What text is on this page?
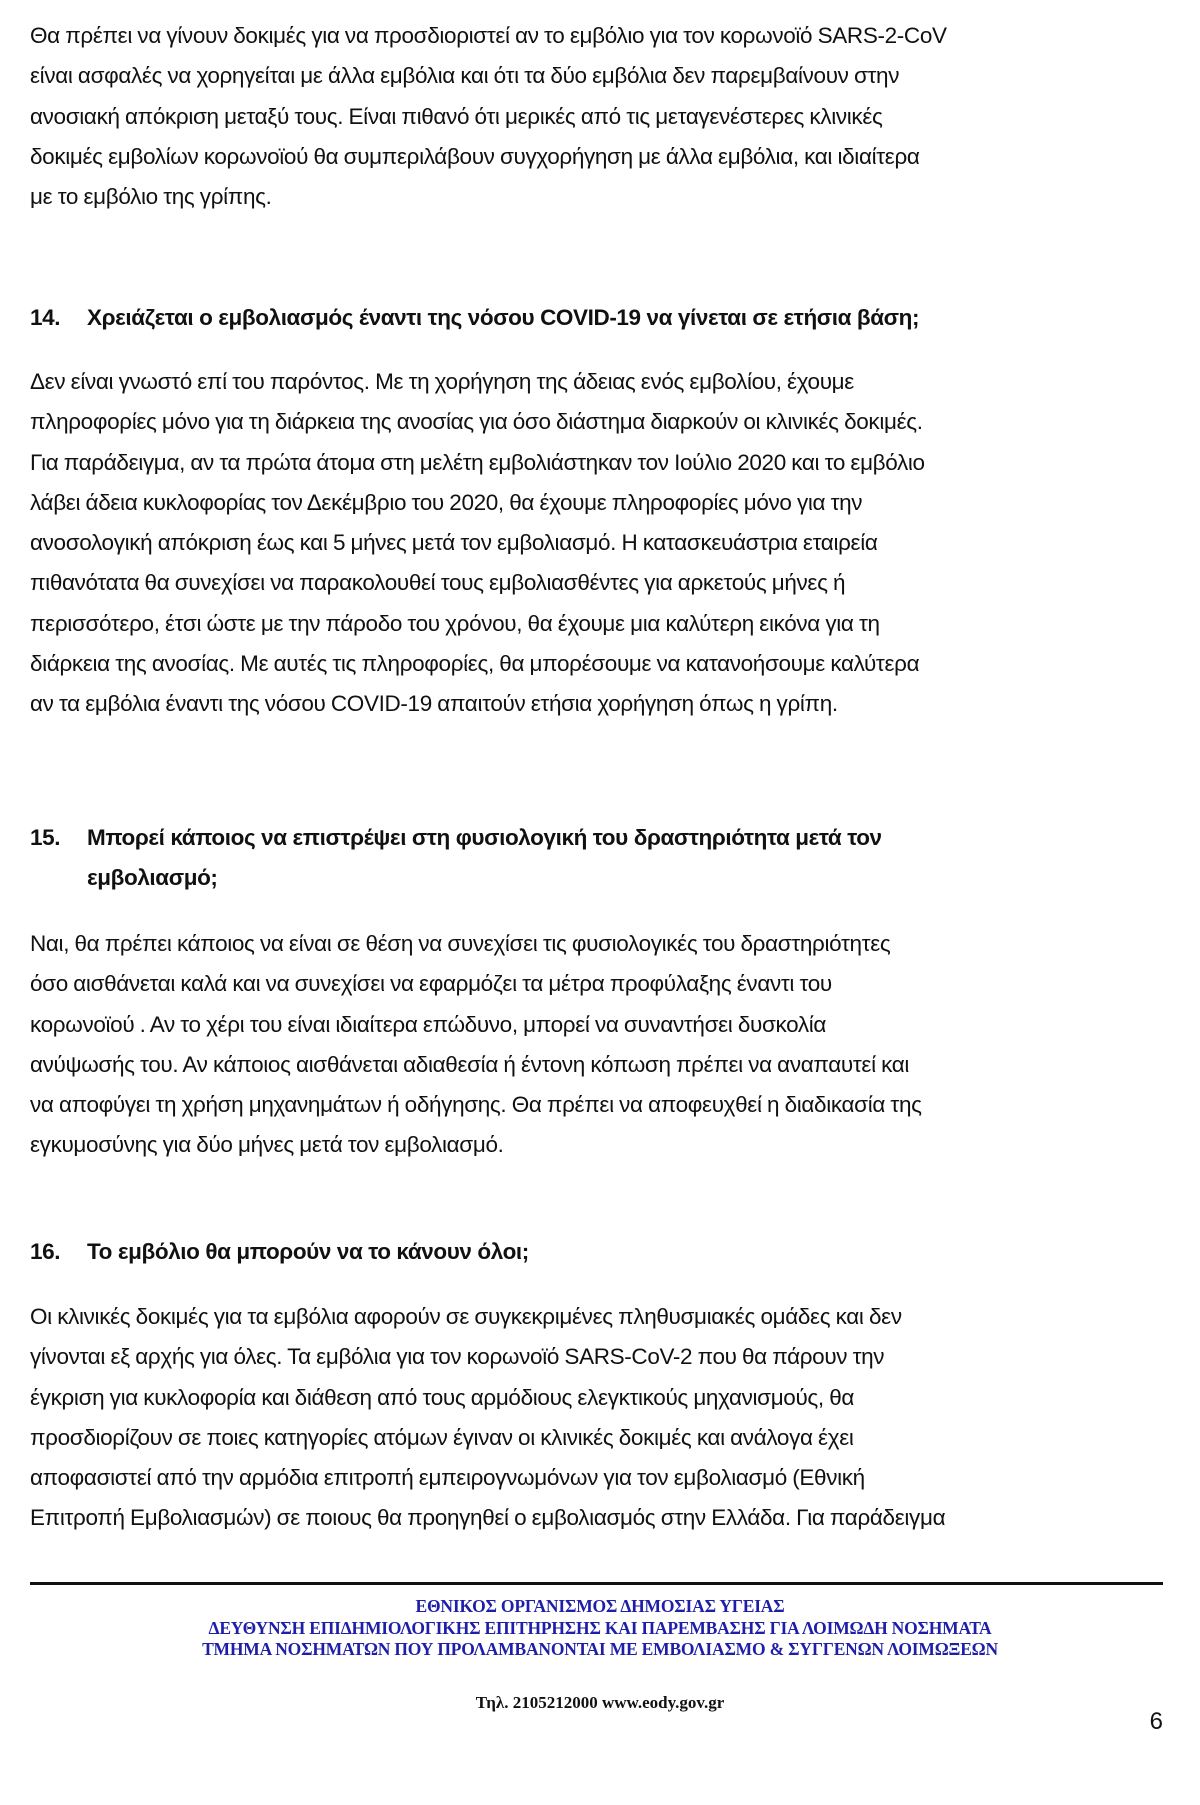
Θα πρέπει να γίνουν δοκιμές για να προσδιοριστεί αν το εμβόλιο για τον κορωνοϊό SARS-2-CoV
είναι ασφαλές να χορηγείται με άλλα εμβόλια και ότι τα δύο εμβόλια δεν παρεμβαίνουν στην
ανοσιακή απόκριση μεταξύ τους. Είναι πιθανό ότι μερικές από τις μεταγενέστερες κλινικές
δοκιμές εμβολίων κορωνοϊού θα συμπεριλάβουν συγχορήγηση με άλλα εμβόλια, και ιδιαίτερα
με το εμβόλιο της γρίπης.
14. Χρειάζεται ο εμβολιασμός έναντι της νόσου COVID-19 να γίνεται σε ετήσια βάση;
Δεν είναι γνωστό επί του παρόντος. Με τη χορήγηση της άδειας ενός εμβολίου, έχουμε
πληροφορίες μόνο για τη διάρκεια της ανοσίας για όσο διάστημα διαρκούν οι κλινικές δοκιμές.
Για παράδειγμα, αν τα πρώτα άτομα στη μελέτη εμβολιάστηκαν τον Ιούλιο 2020 και το εμβόλιο
λάβει άδεια κυκλοφορίας τον Δεκέμβριο του 2020, θα έχουμε πληροφορίες μόνο για την
ανοσολογική απόκριση έως και 5 μήνες μετά τον εμβολιασμό. Η κατασκευάστρια εταιρεία
πιθανότατα θα συνεχίσει να παρακολουθεί τους εμβολιασθέντες για αρκετούς μήνες ή
περισσότερο, έτσι ώστε με την πάροδο του χρόνου, θα έχουμε μια καλύτερη εικόνα για τη
διάρκεια της ανοσίας. Με αυτές τις πληροφορίες, θα μπορέσουμε να κατανοήσουμε καλύτερα
αν τα εμβόλια έναντι της νόσου COVID-19 απαιτούν ετήσια χορήγηση όπως η γρίπη.
15. Μπορεί κάποιος να επιστρέψει στη φυσιολογική του δραστηριότητα μετά τον
εμβολιασμό;
Ναι, θα πρέπει κάποιος να είναι σε θέση να συνεχίσει τις φυσιολογικές του δραστηριότητες
όσο αισθάνεται καλά και να συνεχίσει να εφαρμόζει τα μέτρα προφύλαξης έναντι του
κορωνοϊού . Αν το χέρι του είναι ιδιαίτερα επώδυνο, μπορεί να συναντήσει δυσκολία
ανύψωσής του. Αν κάποιος αισθάνεται αδιαθεσία ή έντονη κόπωση πρέπει να αναπαυτεί και
να αποφύγει τη χρήση μηχανημάτων ή οδήγησης. Θα πρέπει να αποφευχθεί η διαδικασία της
εγκυμοσύνης για δύο μήνες μετά τον εμβολιασμό.
16. Το εμβόλιο θα μπορούν να το κάνουν όλοι;
Οι κλινικές δοκιμές για τα εμβόλια αφορούν σε συγκεκριμένες πληθυσμιακές ομάδες και δεν
γίνονται εξ αρχής για όλες. Τα εμβόλια για τον κορωνοϊό SARS-CoV-2 που θα πάρουν την
έγκριση για κυκλοφορία και διάθεση από τους αρμόδιους ελεγκτικούς μηχανισμούς, θα
προσδιορίζουν σε ποιες κατηγορίες ατόμων έγιναν οι κλινικές δοκιμές και ανάλογα έχει
αποφασιστεί από την αρμόδια επιτροπή εμπειρογνωμόνων για τον εμβολιασμό (Εθνική
Επιτροπή Εμβολιασμών) σε ποιους θα προηγηθεί ο εμβολιασμός στην Ελλάδα. Για παράδειγμα
ΕΘΝΙΚΟΣ ΟΡΓΑΝΙΣΜΟΣ ΔΗΜΟΣΙΑΣ ΥΓΕΙΑΣ
ΔΕΥΘΥΝΣΗ ΕΠΙΔΗΜΙΟΛΟΓΙΚΗΣ ΕΠΙΤΗΡΗΣΗΣ ΚΑΙ ΠΑΡΕΜΒΑΣΗΣ ΓΙΑ ΛΟΙΜΩΔΗ ΝΟΣΗΜΑΤΑ
ΤΜΗΜΑ ΝΟΣΗΜΑΤΩΝ ΠΟΥ ΠΡΟΛΑΜΒΑΝΟΝΤΑΙ ΜΕ ΕΜΒΟΛΙΑΣΜΟ & ΣΥΓΓΕΝΩΝ ΛΟΙΜΩΞΕΩΝ
Τηλ. 2105212000 www.eody.gov.gr
6
